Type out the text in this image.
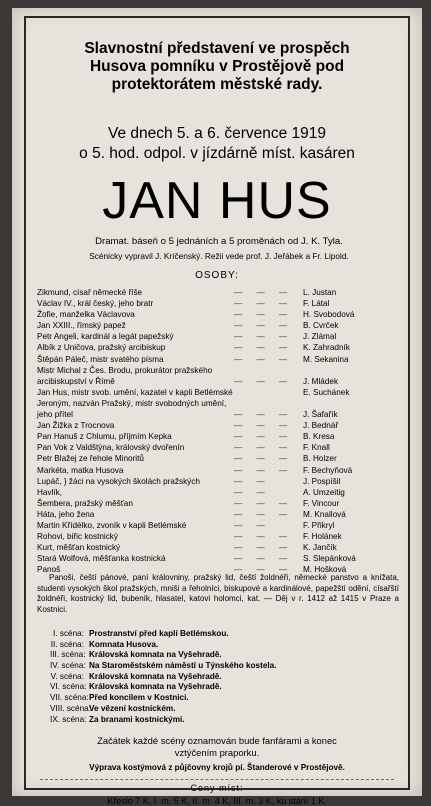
Slavnostní představení ve prospěch
Husova pomníku v Prostějově pod
protektorátem městské rady.
Ve dnech 5. a 6. července 1919
o 5. hod. odpol. v jízdárně míst. kasáren
JAN HUS
Dramat. báseň o 5 jednáních a 5 proměnách od J. K. Tyla.
Scénicky vypravil J. Kríčenský. Režii vede prof. J. Jeřábek a Fr. Lipold.
OSOBY:
Zikmund, císař německé říše	— — — L. Justan
Václav IV., král český, jeho bratr	— — — F. Látal
Žofie, manželka Václavova	— — — H. Svobodová
Jan XXIII., římský papež	— — — B. Cvrček
Petr Angeli, kardinál a legát papežský	— — — J. Zlámal
Albík z Uničova, pražský arcibiskup	— — — K. Zahradník
Štěpán Páleč, mistr svatého písma	— — — M. Sekanina
Mistr Michal z Čes. Brodu, prokurátor pražského
arcibiskupství v Římě	— — — J. Mládek
Jan Hus, mistr svob. umění, kazatel v kapli Betlémské	E. Suchánek
Jeroným, nazván Pražský, mistr svobodných umění,
jeho přítel	— — — J. Šafařík
Jan Žižka z Trocnova	— — — J. Bednář
Pan Hanuš z Chlumu, příjmím Kepka	— — — B. Kresa
Pan Vok z Valdštýna, královský dvořenín	— — — F. Knall
Petr Blažej ze řehole Minoritů	— — — B. Holzer
Markéta, matka Husova	— — — F. Bechyňová
Lupáč, } žáci na vysokých školách pražských	— —	J. Pospíšil
Havlík,	— —	A. Umzeitig
Šembera, pražský měšťan	— — — F. Vincour
Háta, jeho žena	— — — M. Knallová
Martin Křídélko, zvoník v kapli Betlémské	— —	F. Přikryl
Rohovi, biřic kostnický	— — — F. Holánek
Kurt, měšťan kostnický	— — — K. Jančík
Stará Wolfová, měšťanka kostnická	— — — S. Slepánková
Panoš	— — — M. Hošková
Panoši, čeští pánové, paní královniny, pražský lid, čeští žoldnéři, německé panstvo a knížata, studenti vysokých škol pražských, mniši a řeholníci, biskupové a kardinálové, papežští odění, císařští žoldnéři, kostnický lid, bubeník, hlasatel, katovi holomci, kat. — Děj v r. 1412 až 1415 v Praze a Kostnici.
I. scéna: Prostranství před kaplí Betlémskou.
II. scéna: Komnata Husova.
III. scéna: Královská komnata na Vyšehradě.
IV. scéna: Na Staroměstském náměstí u Týnského kostela.
V. scéna: Královská komnata na Vyšehradě.
VI. scéna: Královská komnata na Vyšehradě.
VII. scéna:Před koncilem v Kostnici.
VIII. scéna:Ve vězení kostnickém.
IX. scéna: Za branami kostnickými.
Začátek každé scény oznamován bude fanfárami a konec
vztýčením praporku.
Výprava kostýmová z půjčovny krojů pí. Štanderové v Prostějově.
Ceny míst:
Křeslo 7 K, I. m. 5 K, II. m. 4 K, III. m. 3 K, ku stání 1 K.
